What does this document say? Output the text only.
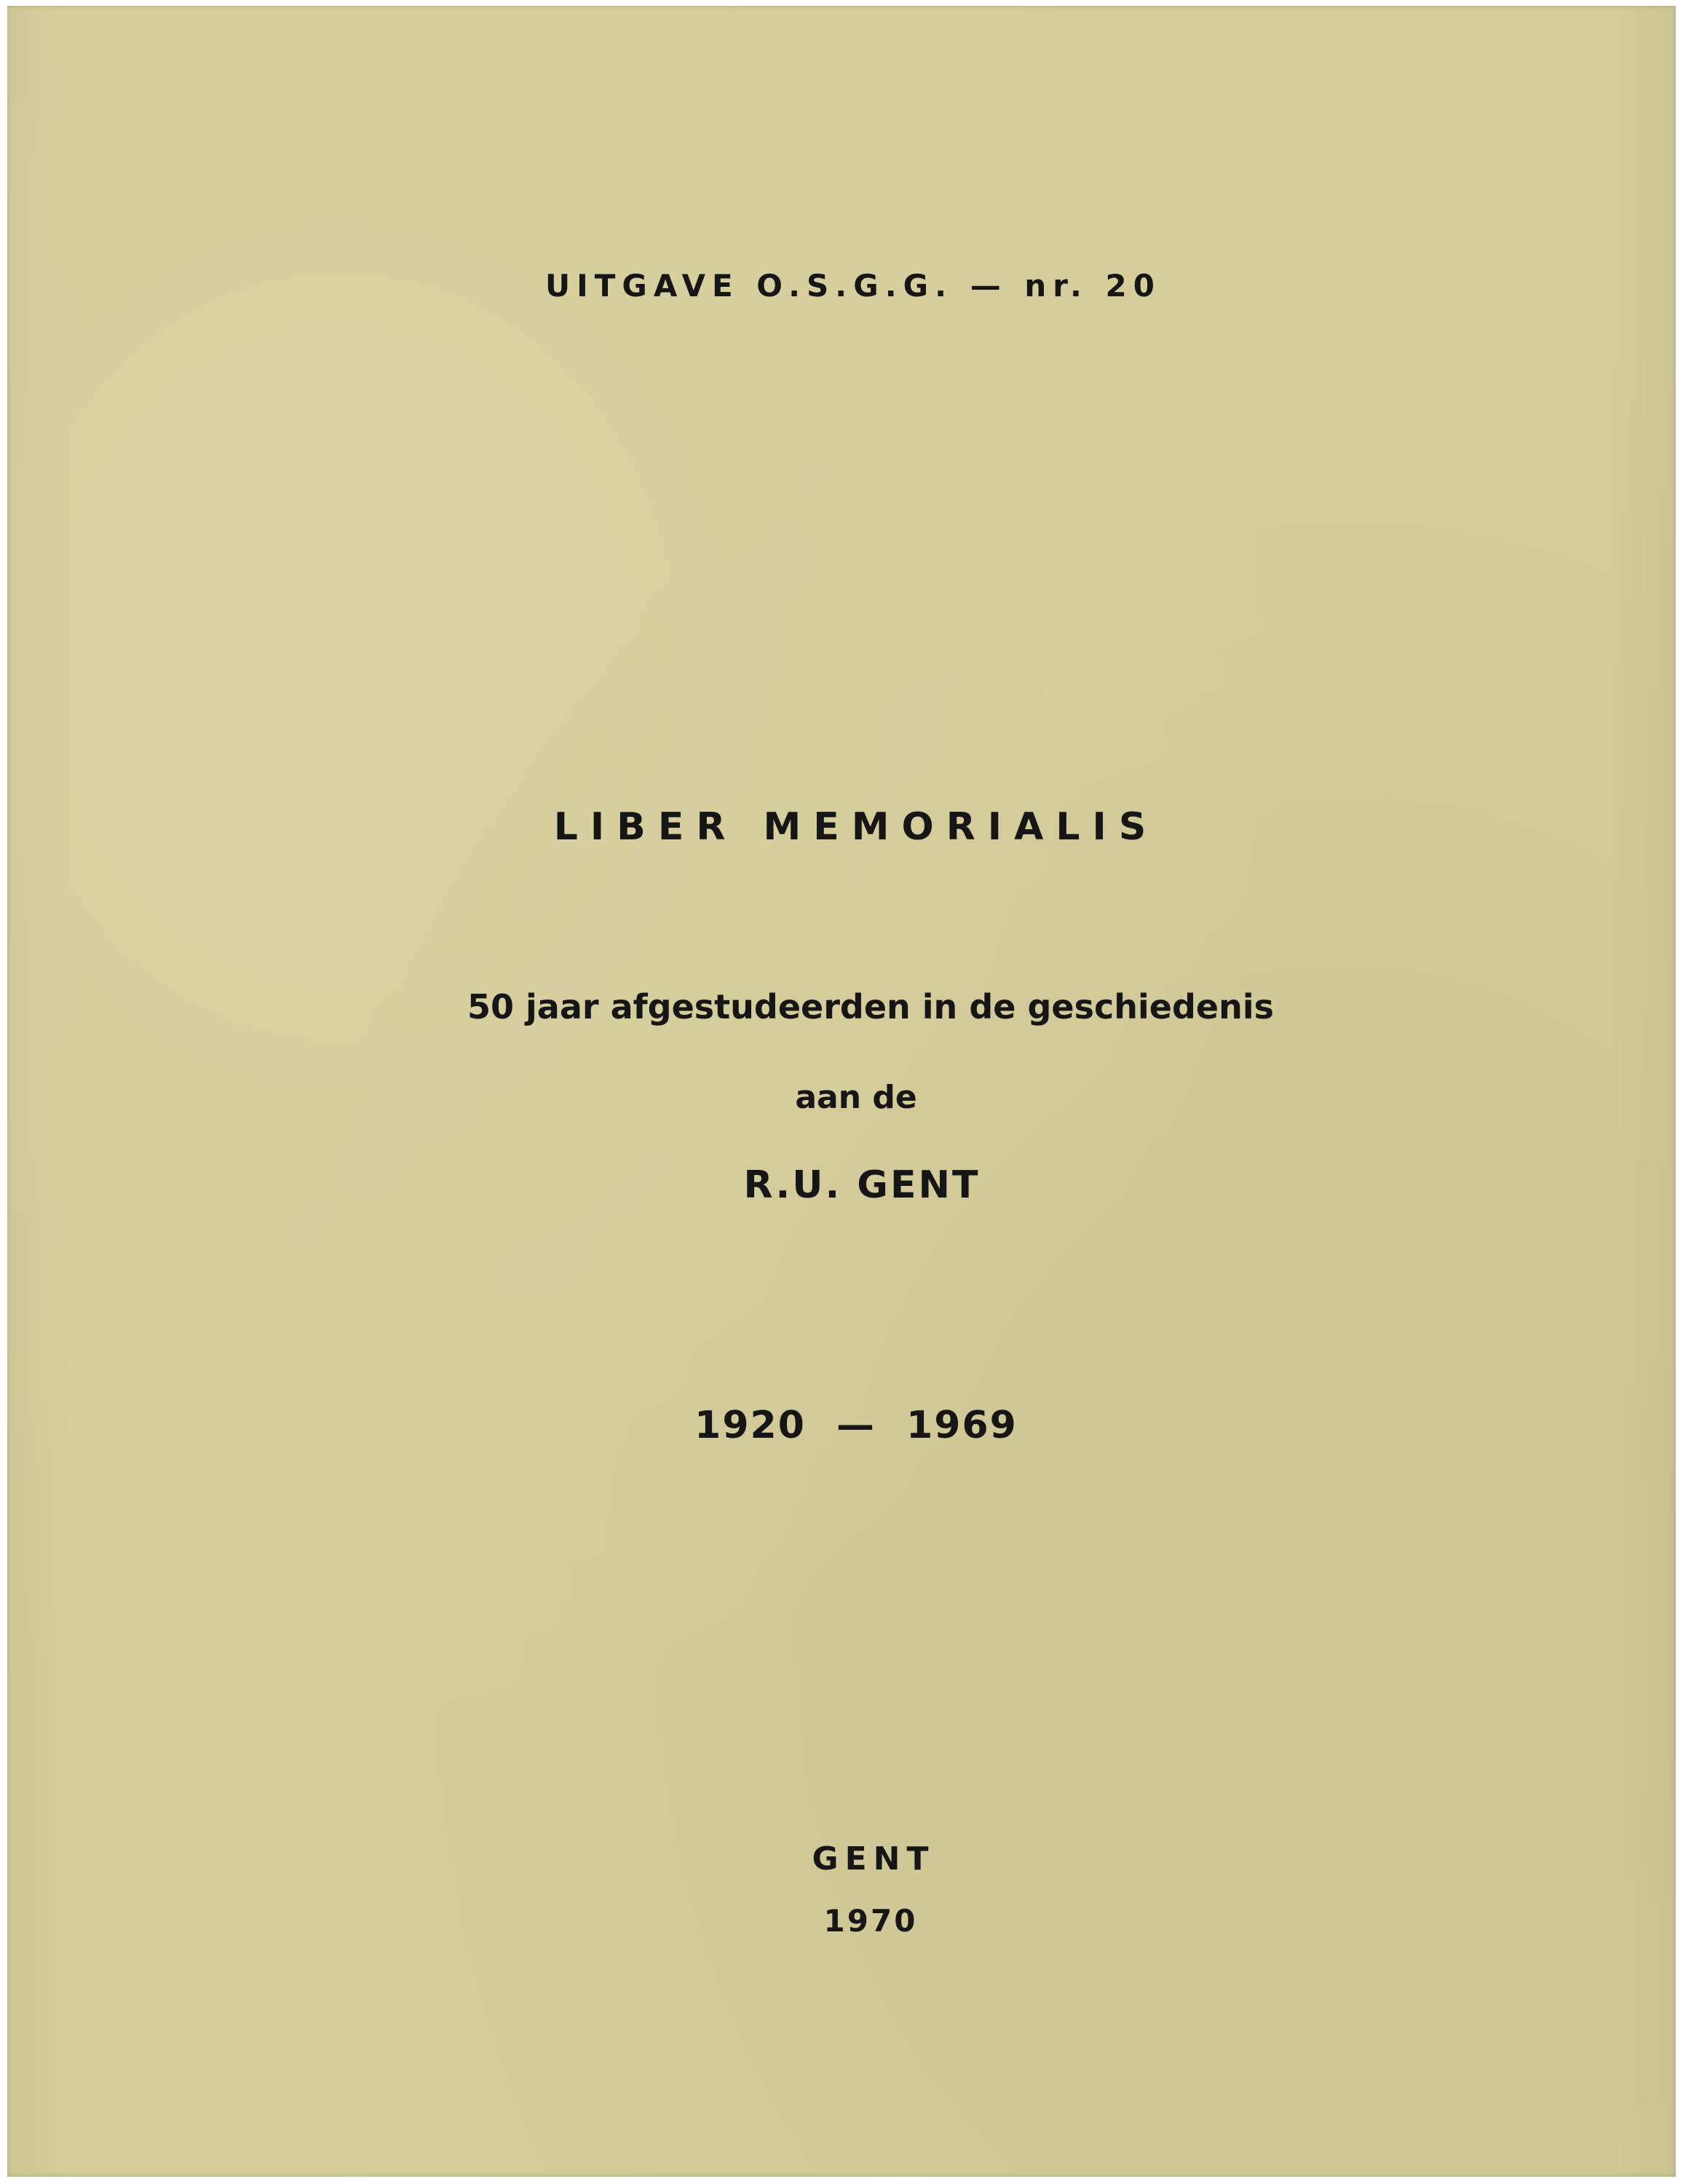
UITGAVE O.S.G.G. — nr. 20

LIBER MEMORIALIS

50 jaar afgestudeerden in de geschiedenis

aan de

R.U. GENT

1920 — 1969

GENT

1970
